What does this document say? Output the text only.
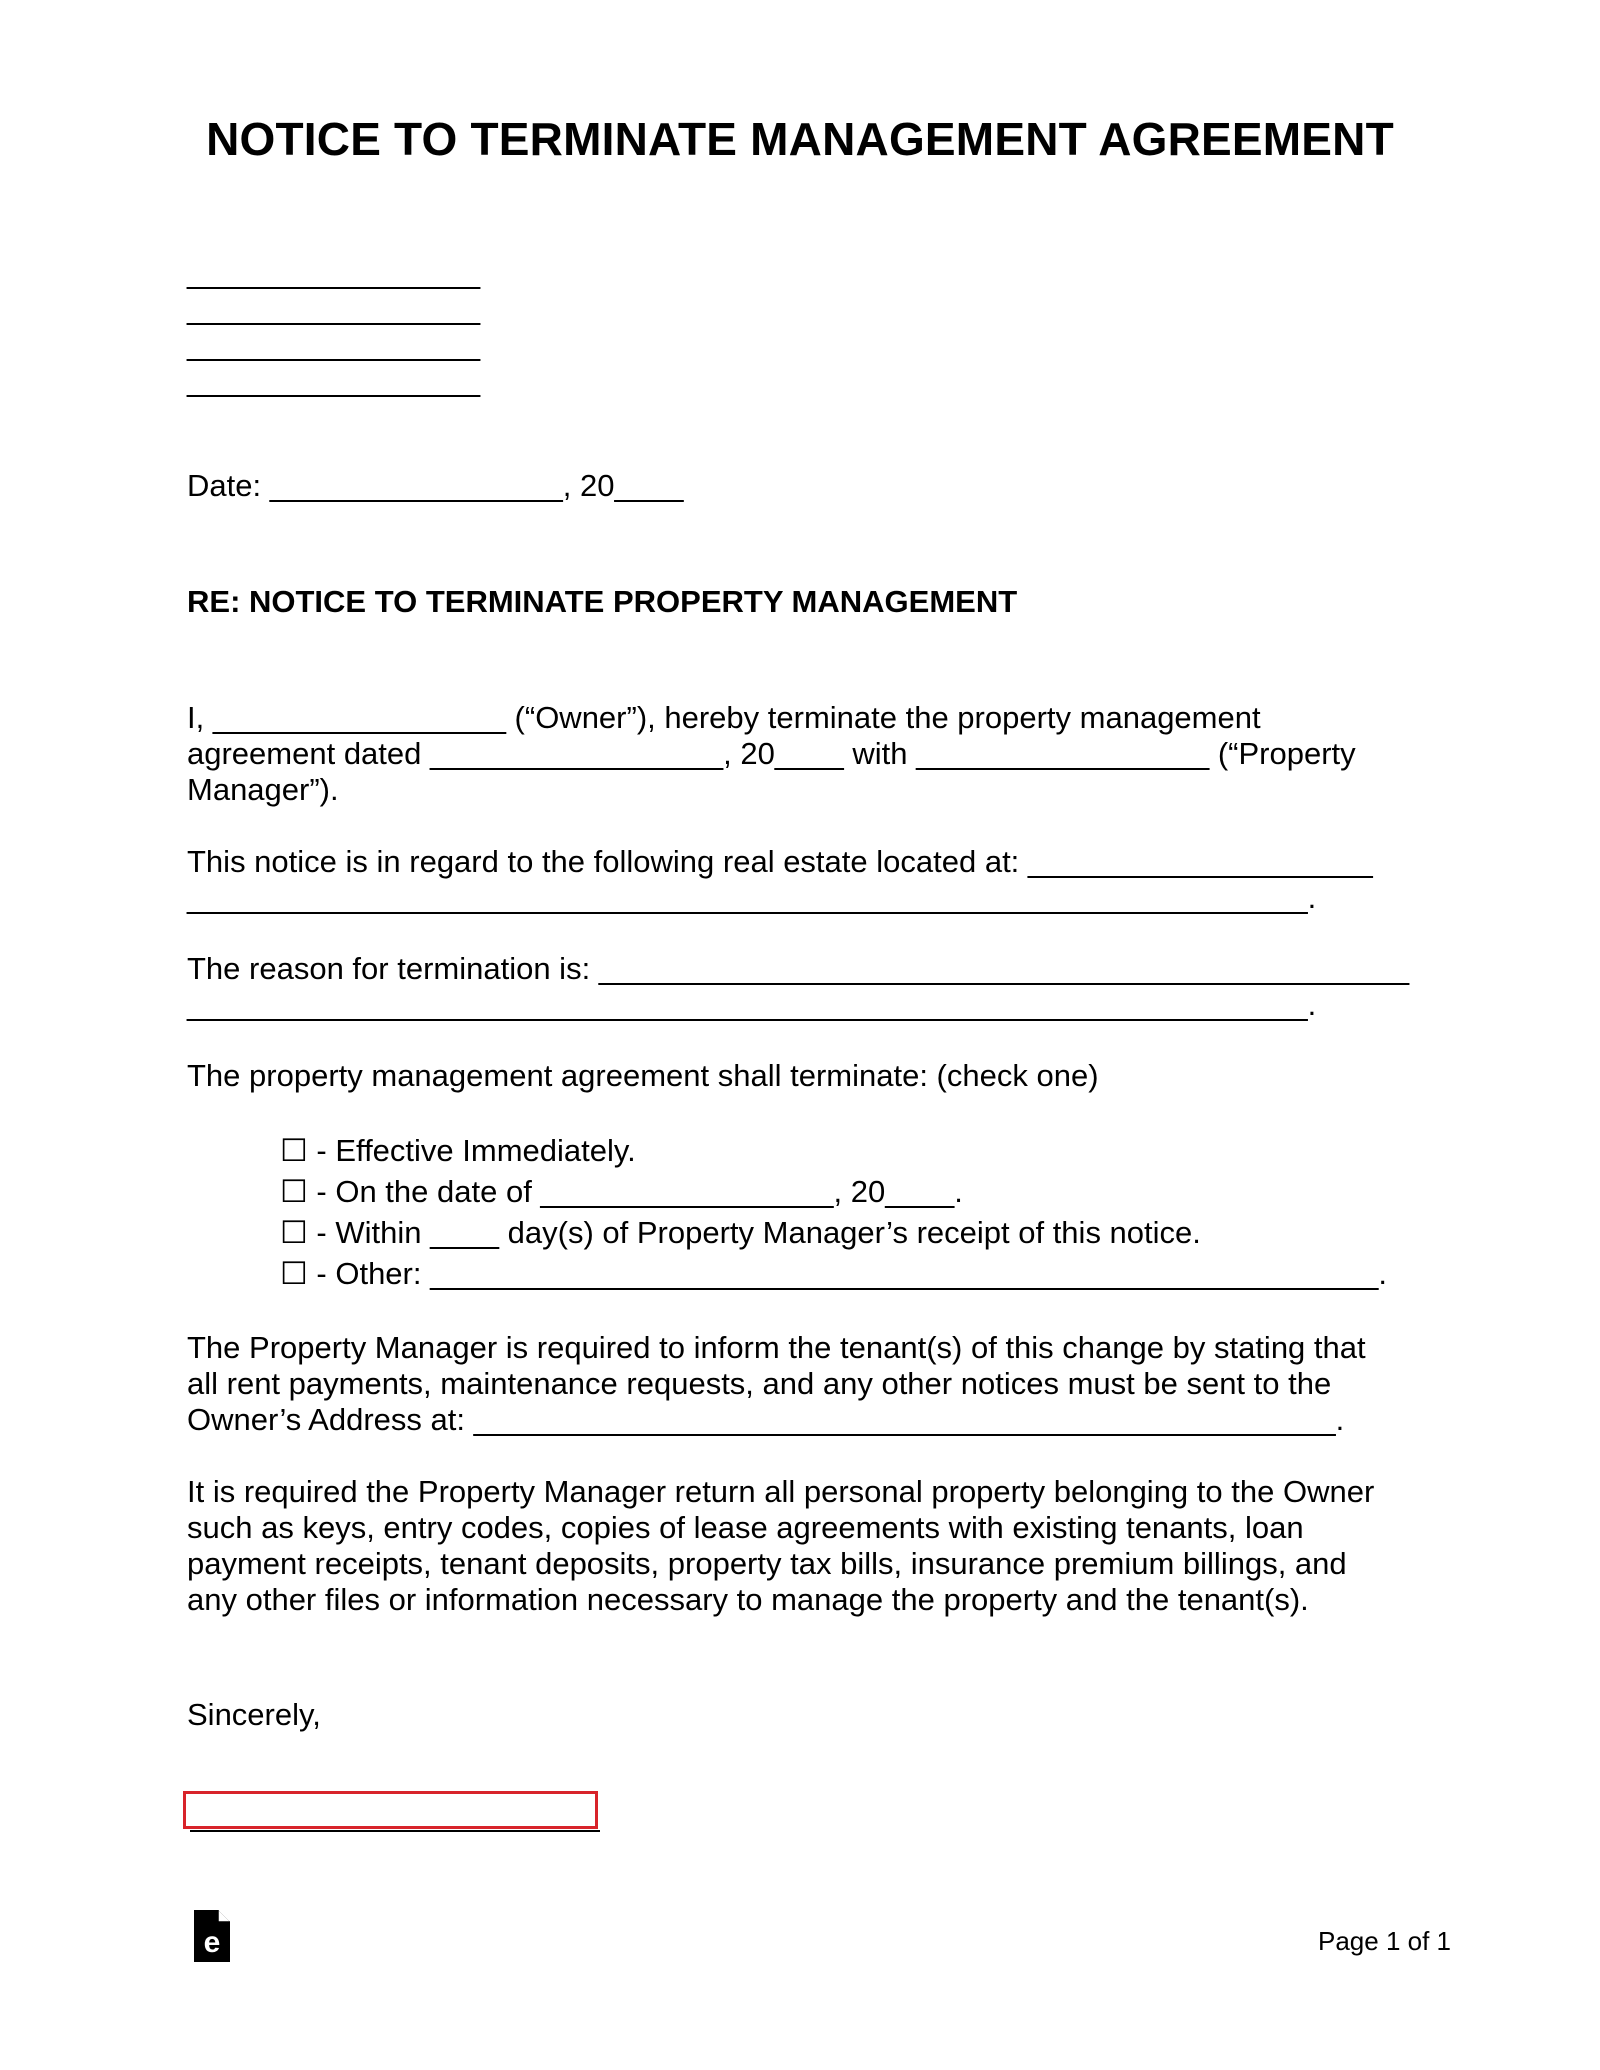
NOTICE TO TERMINATE MANAGEMENT AGREEMENT
_________________
_________________
_________________
_________________
Date: _________________, 20____
RE: NOTICE TO TERMINATE PROPERTY MANAGEMENT
I, _________________ (“Owner”), hereby terminate the property management
agreement dated _________________, 20____ with _________________ (“Property
Manager”).
This notice is in regard to the following real estate located at: ____________________
_________________________________________________________________.
The reason for termination is: _______________________________________________
_________________________________________________________________.
The property management agreement shall terminate: (check one)
☐ - Effective Immediately.
☐ - On the date of _________________, 20____.
☐ - Within ____ day(s) of Property Manager’s receipt of this notice.
☐ - Other: _______________________________________________________.
The Property Manager is required to inform the tenant(s) of this change by stating that
all rent payments, maintenance requests, and any other notices must be sent to the
Owner’s Address at: __________________________________________________.
It is required the Property Manager return all personal property belonging to the Owner
such as keys, entry codes, copies of lease agreements with existing tenants, loan
payment receipts, tenant deposits, property tax bills, insurance premium billings, and
any other files or information necessary to manage the property and the tenant(s).
Sincerely,
e	Page 1 of 1
